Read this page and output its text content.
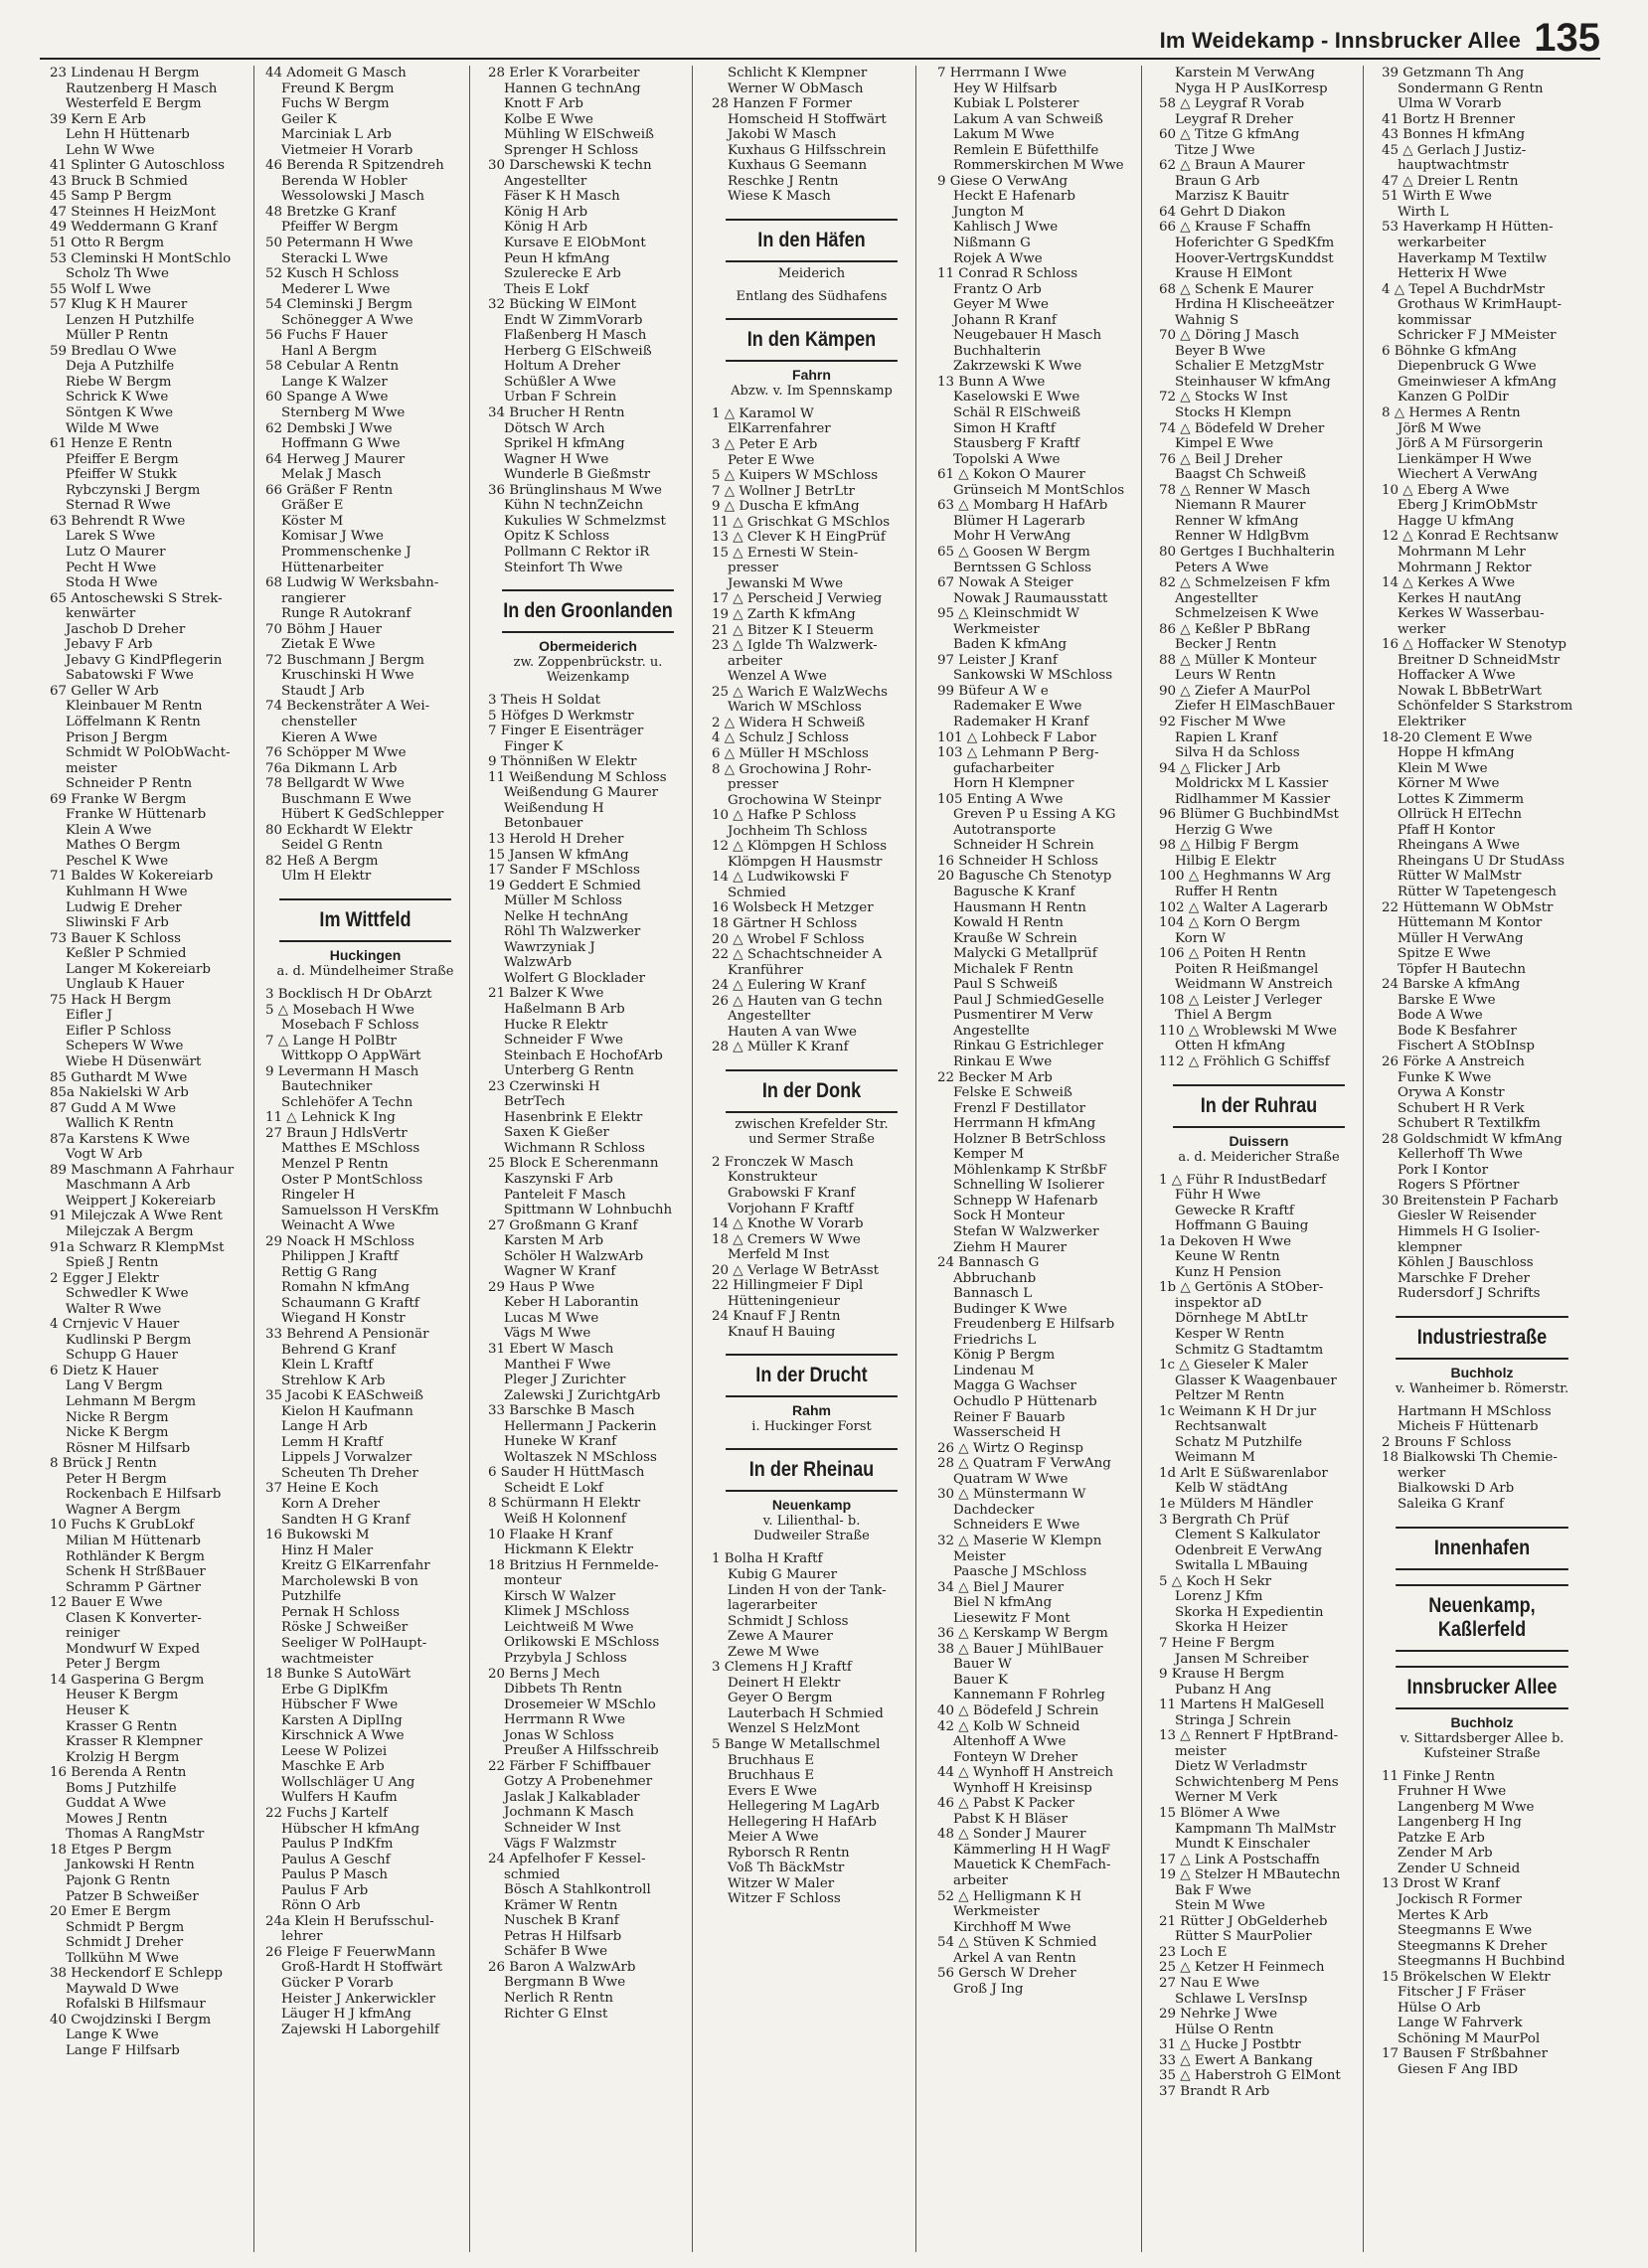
Im Weidekamp - Innsbrucker Allee 135
23 Lindenau H Bergm
Rautzenberg H Masch
Westerfeld E Bergm
39 Kern E Arb
Lehn H Hüttenarb
Lehn W Wwe
41 Splinter G Autoschloss
43 Bruck B Schmied
45 Samp P Bergm
47 Steinnes H HeizMont
49 Weddermann G Kranf
51 Otto R Bergm
53 Cleminski H MontSchlo
Scholz Th Wwe
55 Wolf L Wwe
57 Klug K H Maurer
Lenzen H Putzhilfe
Müller P Rentn
59 Bredlau O Wwe
Deja A Putzhilfe
Riebe W Bergm
Schrick K Wwe
Söntgen K Wwe
Wilde M Wwe
61 Henze E Rentn
Pfeiffer E Bergm
Pfeiffer W Stukk
Rybczynski J Bergm
Sternad R Wwe
63 Behrendt R Wwe
Larek S Wwe
Lutz O Maurer
Pecht H Wwe
Stoda H Wwe
65 Antoschewski S Strek-
kenwärter
Jaschob D Dreher
Jebavy F Arb
Jebavy G KindPflegerin
Sabatowski F Wwe
67 Geller W Arb
Kleinbauer M Rentn
Löffelmann K Rentn
Prison J Bergm
Schmidt W PolObWacht-
meister
Schneider P Rentn
69 Franke W Bergm
Franke W Hüttenarb
Klein A Wwe
Mathes O Bergm
Peschel K Wwe
71 Baldes W Kokereiarb
Kuhlmann H Wwe
Ludwig E Dreher
Sliwinski F Arb
73 Bauer K Schloss
Keßler P Schmied
Langer M Kokereiarb
Unglaub K Hauer
75 Hack H Bergm
Eifler J
Eifler P Schloss
Schepers W Wwe
Wiebe H Düsenwärt
85 Guthardt M Wwe
85a Nakielski W Arb
87 Gudd A M Wwe
Wallich K Rentn
87a Karstens K Wwe
Vogt W Arb
89 Maschmann A Fahrhaur
Maschmann A Arb
Weippert J Kokereiarb
91 Milejczak A Wwe Rent
Milejczak A Bergm
91a Schwarz R KlempMst
Spieß J Rentn
2 Egger J Elektr
Schwedler K Wwe
Walter R Wwe
4 Crnjevic V Hauer
Kudlinski P Bergm
Schupp G Hauer
6 Dietz K Hauer
Lang V Bergm
Lehmann M Bergm
Nicke R Bergm
Nicke K Bergm
Rösner M Hilfsarb
8 Brück J Rentn
Peter H Bergm
Rockenbach E Hilfsarb
Wagner A Bergm
10 Fuchs K GrubLokf
Milian M Hüttenarb
Rothländer K Bergm
Schenk H StrßBauer
Schramm P Gärtner
12 Bauer E Wwe
Clasen K Konverter-
reiniger
Mondwurf W Exped
Peter J Bergm
14 Gasperina G Bergm
Heuser K Bergm
Heuser K
Krasser G Rentn
Krasser R Klempner
Krolzig H Bergm
16 Berenda A Rentn
Boms J Putzhilfe
Guddat A Wwe
Mowes J Rentn
Thomas A RangMstr
18 Etges P Bergm
Jankowski H Rentn
Pajonk G Rentn
Patzer B Schweißer
20 Emer E Bergm
Schmidt P Bergm
Schmidt J Dreher
Tollkühn M Wwe
38 Heckendorf E Schlepp
Maywald D Wwe
Rofalski B Hilfsmaur
40 Cwojdzinski I Bergm
Lange K Wwe
Lange F Hilfsarb
44 Adomeit G Masch
Freund K Bergm
Fuchs W Bergm
Geiler K
Marciniak L Arb
Vietmeier H Vorarb
46 Berenda R Spitzendreh
Berenda W Hobler
Wessolowski J Masch
48 Bretzke G Kranf
Pfeiffer W Bergm
50 Petermann H Wwe
Steracki L Wwe
52 Kusch H Schloss
Mederer L Wwe
54 Cleminski J Bergm
Schönegger A Wwe
56 Fuchs F Hauer
Hanl A Bergm
58 Cebular A Rentn
Lange K Walzer
60 Spange A Wwe
Sternberg M Wwe
62 Dembski J Wwe
Hoffmann G Wwe
64 Herweg J Maurer
Melak J Masch
66 Gräßer F Rentn
Gräßer E
Köster M
Komisar J Wwe
Prommenschenke J
Hüttenarbeiter
68 Ludwig W Werksbahn-
rangierer
Runge R Autokranf
70 Böhm J Hauer
Zietak E Wwe
72 Buschmann J Bergm
Kruschinski H Wwe
Staudt J Arb
74 Beckenstråter A Wei-
chensteller
Kieren A Wwe
76 Schöpper M Wwe
76a Dikmann L Arb
78 Bellgardt W Wwe
Buschmann E Wwe
Hübert K GedSchlepper
80 Eckhardt W Elektr
Seidel G Rentn
82 Heß A Bergm
Ulm H Elektr
Im Wittfeld
Huckingen
a. d. Mündelheimer Straße
3 Bocklisch H Dr ObArzt
5 △ Mosebach H Wwe
Mosebach F Schloss
7 △ Lange H PolBtr
Wittkopp O AppWärt
9 Levermann H Masch
Bautechniker
Schlehöfer A Techn
11 △ Lehnick K Ing
27 Braun J HdlsVertr
Matthes E MSchloss
Menzel P Rentn
Oster P MontSchloss
Ringeler H
Samuelsson H VersKfm
Weinacht A Wwe
29 Noack H MSchloss
Philippen J Kraftf
Rettig G Rang
Romahn N kfmAng
Schaumann G Kraftf
Wiegand H Konstr
33 Behrend A Pensionär
Behrend G Kranf
Klein L Kraftf
Strehlow K Arb
35 Jacobi K EASchweiß
Kielon H Kaufmann
Lange H Arb
Lemm H Kraftf
Lippels J Vorwalzer
Scheuten Th Dreher
37 Heine E Koch
Korn A Dreher
Sandten H G Kranf
16 Bukowski M
Hinz H Maler
Kreitz G ElKarrenfahr
Marcholewski B von
Putzhilfe
Pernak H Schloss
Röske J Schweißer
Seeliger W PolHaupt-
wachtmeister
18 Bunke S AutoWärt
Erbe G DiplKfm
Hübscher F Wwe
Karsten A DiplIng
Kirschnick A Wwe
Leese W Polizei
Maschke E Arb
Wollschläger U Ang
Wulfers H Kaufm
22 Fuchs J Kartelf
Hübscher H kfmAng
Paulus P IndKfm
Paulus A Geschf
Paulus P Masch
Paulus F Arb
Rönn O Arb
24a Klein H Berufsschul-
lehrer
26 Fleige F FeuerwMann
Groß-Hardt H Stoffwärt
Gücker P Vorarb
Heister J Ankerwickler
Läuger H J kfmAng
Zajewski H Laborgehilf
28 Erler K Vorarbeiter
Hannen G technAng
Knott F Arb
Kolbe E Wwe
Mühling W ElSchweiß
Sprenger H Schloss
30 Darschewski K techn
Angestellter
Fäser K H Masch
König H Arb
König H Arb
Kursave E ElObMont
Peun H kfmAng
Szulerecke E Arb
Theis E Lokf
32 Bücking W ElMont
Endt W ZimmVorarb
Flaßenberg H Masch
Herberg G ElSchweiß
Holtum A Dreher
Schüßler A Wwe
Urban F Schrein
34 Brucher H Rentn
Dötsch W Arch
Sprikel H kfmAng
Wagner H Wwe
Wunderle B Gießmstr
36 Brünglinshaus M Wwe
Kühn N technZeichn
Kukulies W Schmelzmst
Opitz K Schloss
Pollmann C Rektor iR
Steinfort Th Wwe
In den Groonlanden
Obermeiderich
zw. Zoppenbrückstr. u.
Weizenkamp
3 Theis H Soldat
5 Höfges D Werkmstr
7 Finger E Eisenträger
Finger K
9 Thönnißen W Elektr
11 Weißendung M Schloss
Weißendung G Maurer
Weißendung H
Betonbauer
13 Herold H Dreher
15 Jansen W kfmAng
17 Sander F MSchloss
19 Geddert E Schmied
Müller M Schloss
Nelke H technAng
Röhl Th Walzwerker
Wawrzyniak J
WalzwArb
Wolfert G Blocklader
21 Balzer K Wwe
Haßelmann B Arb
Hucke R Elektr
Schneider F Wwe
Steinbach E HochofArb
Unterberg G Rentn
23 Czerwinski H
BetrTech
Hasenbrink E Elektr
Saxen K Gießer
Wichmann R Schloss
25 Block E Scherenmann
Kaszynski F Arb
Panteleit F Masch
Spittmann W Lohnbuchh
27 Großmann G Kranf
Karsten M Arb
Schöler H WalzwArb
Wagner W Kranf
29 Haus P Wwe
Keber H Laborantin
Lucas M Wwe
Vägs M Wwe
31 Ebert W Masch
Manthei F Wwe
Pleger J Zurichter
Zalewski J ZurichtgArb
33 Barschke B Masch
Hellermann J Packerin
Huneke W Kranf
Woltaszek N MSchloss
6 Sauder H HüttMasch
Scheidt E Lokf
8 Schürmann H Elektr
Weiß H Kolonnenf
10 Flaake H Kranf
Hickmann K Elektr
18 Britzius H Fernmelde-
monteur
Kirsch W Walzer
Klimek J MSchloss
Leichtweiß M Wwe
Orlikowski E MSchloss
Przybyla J Schloss
20 Berns J Mech
Dibbets Th Rentn
Drosemeier W MSchlo
Herrmann R Wwe
Jonas W Schloss
Preußer A Hilfsschreib
22 Färber F Schiffbauer
Gotzy A Probenehmer
Jaslak J Kalkablader
Jochmann K Masch
Schneider W Inst
Vägs F Walzmstr
24 Apfelhofer F Kessel-
schmied
Bösch A Stahlkontroll
Krämer W Rentn
Nuschek B Kranf
Petras H Hilfsarb
Schäfer B Wwe
26 Baron A WalzwArb
Bergmann B Wwe
Nerlich R Rentn
Richter G Elnst
Schlicht K Klempner
Werner W ObMasch
28 Hanzen F Former
Homscheid H Stoffwärt
Jakobi W Masch
Kuxhaus G Hilfsschrein
Kuxhaus G Seemann
Reschke J Rentn
Wiese K Masch
In den Häfen
Meiderich
Entlang des Südhafens
In den Kämpen
Fahrn
Abzw. v. Im Spennskamp
1 △ Karamol W
ElKarrenfahrer
3 △ Peter E Arb
Peter E Wwe
5 △ Kuipers W MSchloss
7 △ Wollner J BetrLtr
9 △ Duscha E kfmAng
11 △ Grischkat G MSchlos
13 △ Clever K H EingPrüf
15 △ Ernesti W Stein-
presser
Jewanski M Wwe
17 △ Perscheid J Verwieg
19 △ Zarth K kfmAng
21 △ Bitzer K I Steuerm
23 △ Iglde Th Walzwerk-
arbeiter
Wenzel A Wwe
25 △ Warich E WalzWechs
Warich W MSchloss
2 △ Widera H Schweiß
4 △ Schulz J Schloss
6 △ Müller H MSchloss
8 △ Grochowina J Rohr-
presser
Grochowina W Steinpr
10 △ Hafke P Schloss
Jochheim Th Schloss
12 △ Klömpgen H Schloss
Klömpgen H Hausmstr
14 △ Ludwikowski F
Schmied
16 Wolsbeck H Metzger
18 Gärtner H Schloss
20 △ Wrobel F Schloss
22 △ Schachtschneider A
Kranführer
24 △ Eulering W Kranf
26 △ Hauten van G techn
Angestellter
Hauten A van Wwe
28 △ Müller K Kranf
In der Donk
zwischen Krefelder Str.
und Sermer Straße
2 Fronczek W Masch
Konstrukteur
Grabowski F Kranf
Vorjohann F Kraftf
14 △ Knothe W Vorarb
18 △ Cremers W Wwe
Merfeld M Inst
20 △ Verlage W BetrAsst
22 Hillingmeier F Dipl
Hütteningenieur
24 Knauf F J Rentn
Knauf H Bauing
In der Drucht
Rahm
i. Huckinger Forst
In der Rheinau
Neuenkamp
v. Lilienthal- b.
Dudweiler Straße
1 Bolha H Kraftf
Kubig G Maurer
Linden H von der Tank-
lagerarbeiter
Schmidt J Schloss
Zewe A Maurer
Zewe M Wwe
3 Clemens H J Kraftf
Deinert H Elektr
Geyer O Bergm
Lauterbach H Schmied
Wenzel S HelzMont
5 Bange W Metallschmel
Bruchhaus E
Bruchhaus E
Evers E Wwe
Hellegering M LagArb
Hellegering H HafArb
Meier A Wwe
Ryborsch R Rentn
Voß Th BäckMstr
Witzer W Maler
Witzer F Schloss
7 Herrmann I Wwe
Hey W Hilfsarb
Kubiak L Polsterer
Lakum A van Schweiß
Lakum M Wwe
Remlein E Büfetthilfe
Rommerskirchen M Wwe
9 Giese O VerwAng
Heckt E Hafenarb
Jungton M
Kahlisch J Wwe
Nißmann G
Rojek A Wwe
11 Conrad R Schloss
Frantz O Arb
Geyer M Wwe
Johann R Kranf
Neugebauer H Masch
Buchhalterin
Zakrzewski K Wwe
13 Bunn A Wwe
Kaselowski E Wwe
Schäl R ElSchweiß
Simon H Kraftf
Stausberg F Kraftf
Topolski A Wwe
61 △ Kokon O Maurer
Grünseich M MontSchlos
63 △ Mombarg H HafArb
Blümer H Lagerarb
Mohr H VerwAng
65 △ Goosen W Bergm
Berntssen G Schloss
67 Nowak A Steiger
Nowak J Raumausstatt
95 △ Kleinschmidt W
Werkmeister
Baden K kfmAng
97 Leister J Kranf
Sankowski W MSchloss
99 Büfeur A W e
Rademaker E Wwe
Rademaker H Kranf
101 △ Lohbeck F Labor
103 △ Lehmann P Berg-
gufacharbeiter
Horn H Klempner
105 Enting A Wwe
Greven P u Essing A KG
Autotransporte
Schneider H Schrein
16 Schneider H Schloss
20 Bagusche Ch Stenotyp
Bagusche K Kranf
Hausmann H Rentn
Kowald H Rentn
Krauße W Schrein
Malycki G Metallprüf
Michalek F Rentn
Paul S Schweiß
Paul J SchmiedGeselle
Pusmentirer M Verw
Angestellte
Rinkau G Estrichleger
Rinkau E Wwe
22 Becker M Arb
Felske E Schweiß
Frenzl F Destillator
Herrmann H kfmAng
Holzner B BetrSchloss
Kemper M
Möhlenkamp K StrßbF
Schnelling W Isolierer
Schnepp W Hafenarb
Sock H Monteur
Stefan W Walzwerker
Ziehm H Maurer
24 Bannasch G
Abbruchanb
Bannasch L
Budinger K Wwe
Freudenberg E Hilfsarb
Friedrichs L
König P Bergm
Lindenau M
Magga G Wachser
Ochudlo P Hüttenarb
Reiner F Bauarb
Wasserscheid H
26 △ Wirtz O Reginsp
28 △ Quatram F VerwAng
Quatram W Wwe
30 △ Münstermann W
Dachdecker
Schneiders E Wwe
32 △ Maserie W Klempn
Meister
Paasche J MSchloss
34 △ Biel J Maurer
Biel N kfmAng
Liesewitz F Mont
36 △ Kerskamp W Bergm
38 △ Bauer J MühlBauer
Bauer W
Bauer K
Kannemann F Rohrleg
40 △ Bödefeld J Schrein
42 △ Kolb W Schneid
Altenhoff A Wwe
Fonteyn W Dreher
44 △ Wynhoff H Anstreich
Wynhoff H Kreisinsp
46 △ Pabst K Packer
Pabst K H Bläser
48 △ Sonder J Maurer
Kämmerling H H WagF
Mauetick K ChemFach-
arbeiter
52 △ Helligmann K H
Werkmeister
Kirchhoff M Wwe
54 △ Stüven K Schmied
Arkel A van Rentn
56 Gersch W Dreher
Groß J Ing
Karstein M VerwAng
Nyga H P AusIKorresp
58 △ Leygraf R Vorab
Leygraf R Dreher
60 △ Titze G kfmAng
Titze J Wwe
62 △ Braun A Maurer
Braun G Arb
Marzisz K Bauitr
64 Gehrt D Diakon
66 △ Krause F Schaffn
Hoferichter G SpedKfm
Hoover-VertrgsKunddst
Krause H ElMont
68 △ Schenk E Maurer
Hrdina H Klischeeätzer
Wahnig S
70 △ Döring J Masch
Beyer B Wwe
Schalier E MetzgMstr
Steinhauser W kfmAng
72 △ Stocks W Inst
Stocks H Klempn
74 △ Bödefeld W Dreher
Kimpel E Wwe
76 △ Beil J Dreher
Baagst Ch Schweiß
78 △ Renner W Masch
Niemann R Maurer
Renner W kfmAng
Renner W HdlgBvm
80 Gertges I Buchhalterin
Peters A Wwe
82 △ Schmelzeisen F kfm
Angestellter
Schmelzeisen K Wwe
86 △ Keßler P BbRang
Becker J Rentn
88 △ Müller K Monteur
Leurs W Rentn
90 △ Ziefer A MaurPol
Ziefer H ElMaschBauer
92 Fischer M Wwe
Rapien L Kranf
Silva H da Schloss
94 △ Flicker J Arb
Moldrickx M L Kassier
Ridlhammer M Kassier
96 Blümer G BuchbindMst
Herzig G Wwe
98 △ Hilbig F Bergm
Hilbig E Elektr
100 △ Heghmanns W Arg
Ruffer H Rentn
102 △ Walter A Lagerarb
104 △ Korn O Bergm
Korn W
106 △ Poiten H Rentn
Poiten R Heißmangel
Weidmann W Anstreich
108 △ Leister J Verleger
Thiel A Bergm
110 △ Wroblewski M Wwe
Otten H kfmAng
112 △ Fröhlich G Schiffsf
In der Ruhrau
Duissern
a. d. Meidericher Straße
1 △ Führ R IndustBedarf
Führ H Wwe
Gewecke R Kraftf
Hoffmann G Bauing
1a Dekoven H Wwe
Keune W Rentn
Kunz H Pension
1b △ Gertönis A StOber-
inspektor aD
Dörnhege M AbtLtr
Kesper W Rentn
Schmitz G Stadtamtm
1c △ Gieseler K Maler
Glasser K Waagenbauer
Peltzer M Rentn
1c Weimann K H Dr jur
Rechtsanwalt
Schatz M Putzhilfe
Weimann M
1d Arlt E Süßwarenlabor
Kelb W städtAng
1e Mülders M Händler
3 Bergrath Ch Prüf
Clement S Kalkulator
Odenbreit E VerwAng
Switalla L MBauing
5 △ Koch H Sekr
Lorenz J Kfm
Skorka H Expedientin
Skorka H Heizer
7 Heine F Bergm
Jansen M Schreiber
9 Krause H Bergm
Pubanz H Ang
11 Martens H MalGesell
Stringa J Schrein
13 △ Rennert F HptBrand-
meister
Dietz W Verladmstr
Schwichtenberg M Pens
Werner M Verk
15 Blömer A Wwe
Kampmann Th MalMstr
Mundt K Einschaler
17 △ Link A Postschaffn
19 △ Stelzer H MBautechn
Bak F Wwe
Stein M Wwe
21 Rütter J ObGelderheb
Rütter S MaurPolier
23 Loch E
25 △ Ketzer H Feinmech
27 Nau E Wwe
Schlawe L VersInsp
29 Nehrke J Wwe
Hülse O Rentn
31 △ Hucke J Postbtr
33 △ Ewert A Bankang
35 △ Haberstroh G ElMont
37 Brandt R Arb
39 Getzmann Th Ang
Sondermann G Rentn
Ulma W Vorarb
41 Bortz H Brenner
43 Bonnes H kfmAng
45 △ Gerlach J Justiz-
hauptwachtmstr
47 △ Dreier L Rentn
51 Wirth E Wwe
Wirth L
53 Haverkamp H Hütten-
werkarbeiter
Haverkamp M Textilw
Hetterix H Wwe
4 △ Tepel A BuchdrMstr
Grothaus W KrimHaupt-
kommissar
Schricker F J MMeister
6 Böhnke G kfmAng
Diepenbruck G Wwe
Gmeinwieser A kfmAng
Kanzen G PolDir
8 △ Hermes A Rentn
Jörß M Wwe
Jörß A M Fürsorgerin
Lienkämper H Wwe
Wiechert A VerwAng
10 △ Eberg A Wwe
Eberg J KrimObMstr
Hagge U kfmAng
12 △ Konrad E Rechtsanw
Mohrmann M Lehr
Mohrmann J Rektor
14 △ Kerkes A Wwe
Kerkes H nautAng
Kerkes W Wasserbau-
werker
16 △ Hoffacker W Stenotyp
Breitner D SchneidMstr
Hoffacker A Wwe
Nowak L BbBetrWart
Schönfelder S Starkstrom
Elektriker
18-20 Clement E Wwe
Hoppe H kfmAng
Klein M Wwe
Körner M Wwe
Lottes K Zimmerm
Ollrück H ElTechn
Pfaff H Kontor
Rheingans A Wwe
Rheingans U Dr StudAss
Rütter W MalMstr
Rütter W Tapetengesch
22 Hüttemann W ObMstr
Hüttemann M Kontor
Müller H VerwAng
Spitze E Wwe
Töpfer H Bautechn
24 Barske A kfmAng
Barske E Wwe
Bode A Wwe
Bode K Besfahrer
Fischert A StObInsp
26 Förke A Anstreich
Funke K Wwe
Orywa A Konstr
Schubert H R Verk
Schubert R Textilkfm
28 Goldschmidt W kfmAng
Kellerhoff Th Wwe
Pork I Kontor
Rogers S Pförtner
30 Breitenstein P Facharb
Giesler W Reisender
Himmels H G Isolier-
klempner
Köhlen J Bauschloss
Marschke F Dreher
Rudersdorf J Schrifts
Industriestraße
Buchholz
v. Wanheimer b. Römerstr.
Hartmann H MSchloss
Micheis F Hüttenarb
2 Brouns F Schloss
18 Bialkowski Th Chemie-
werker
Bialkowski D Arb
Saleika G Kranf
Innenhafen
Neuenkamp, Kaßlerfeld
Innsbrucker Allee
Buchholz
v. Sittardsberger Allee b.
Kufsteiner Straße
11 Finke J Rentn
Fruhner H Wwe
Langenberg M Wwe
Langenberg H Ing
Patzke E Arb
Zender M Arb
Zender U Schneid
13 Drost W Kranf
Jockisch R Former
Mertes K Arb
Steegmanns E Wwe
Steegmanns K Dreher
Steegmanns H Buchbind
15 Brökelschen W Elektr
Fitscher J F Fräser
Hülse O Arb
Lange W Fahrverk
Schöning M MaurPol
17 Bausen F Strßbahner
Giesen F Ang IBD
